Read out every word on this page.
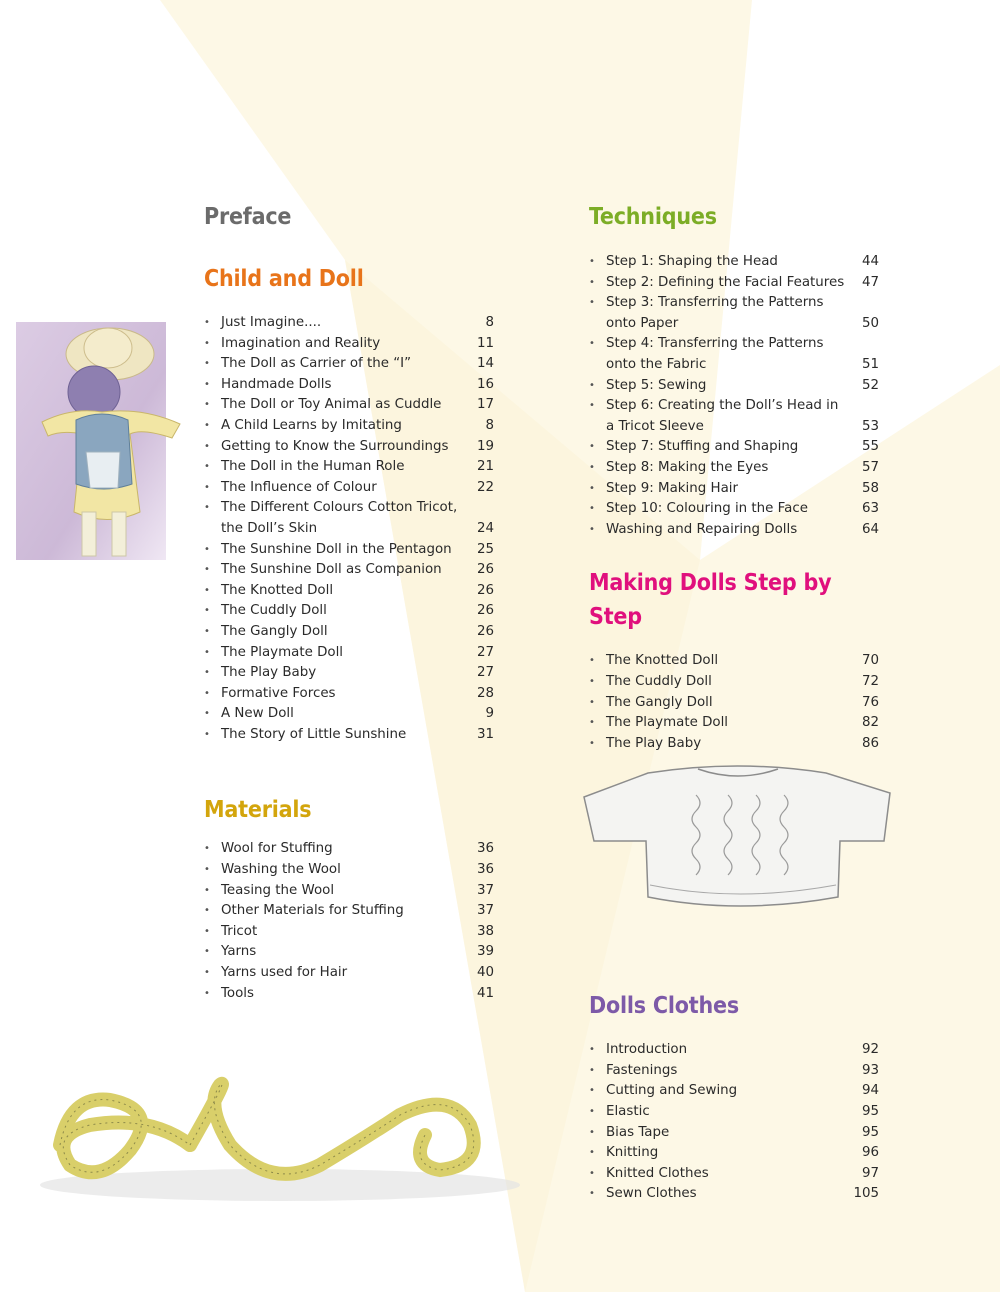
Preface
Child and Doll
• Just Imagine....	8
• Imagination and Reality	11
• The Doll as Carrier of the “I”	14
• Handmade Dolls	16
• The Doll or Toy Animal as Cuddle	17
• A Child Learns by Imitating	8
• Getting to Know the Surroundings	19
• The Doll in the Human Role	21
• The Influence of Colour	22
• The Different Colours Cotton Tricot, the Doll’s Skin	24
• The Sunshine Doll in the Pentagon	25
• The Sunshine Doll as Companion	26
• The Knotted Doll	26
• The Cuddly Doll	26
• The Gangly Doll	26
• The Playmate Doll	27
• The Play Baby	27
• Formative Forces	28
• A New Doll	9
• The Story of Little Sunshine	31
Materials
• Wool for Stuffing	36
• Washing the Wool	36
• Teasing the Wool	37
• Other Materials for Stuffing	37
• Tricot	38
• Yarns	39
• Yarns used for Hair	40
• Tools	41
Techniques
• Step 1: Shaping the Head	44
• Step 2: Defining the Facial Features	47
• Step 3: Transferring the Patterns onto Paper	50
• Step 4: Transferring the Patterns onto the Fabric	51
• Step 5: Sewing	52
• Step 6: Creating the Doll’s Head in a Tricot Sleeve	53
• Step 7: Stuffing and Shaping	55
• Step 8: Making the Eyes	57
• Step 9: Making Hair	58
• Step 10: Colouring in the Face	63
• Washing and Repairing Dolls	64
Making Dolls Step by Step
• The Knotted Doll	70
• The Cuddly Doll	72
• The Gangly Doll	76
• The Playmate Doll	82
• The Play Baby	86
Dolls Clothes
• Introduction	92
• Fastenings	93
• Cutting and Sewing	94
• Elastic	95
• Bias Tape	95
• Knitting	96
• Knitted Clothes	97
• Sewn Clothes	105
